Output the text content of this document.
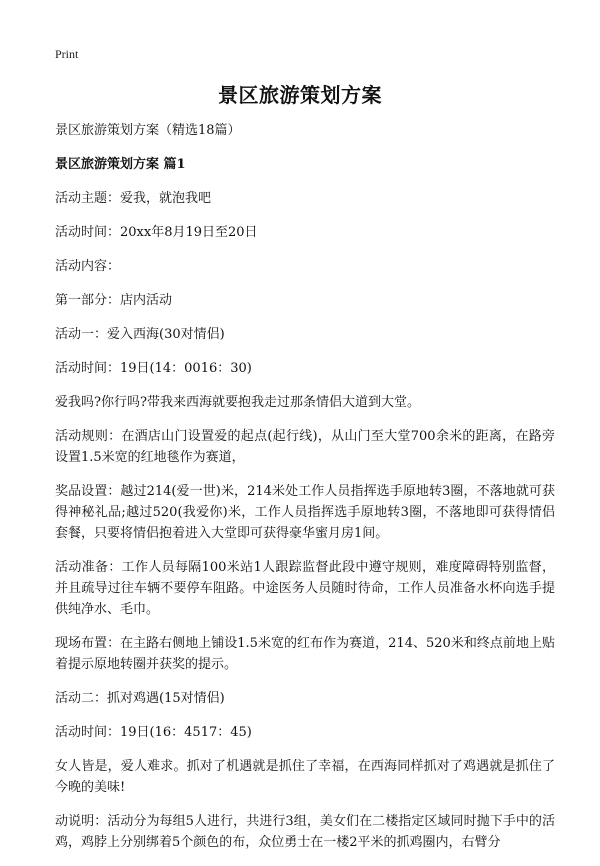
Print
景区旅游策划方案

景区旅游策划方案（精选18篇）

景区旅游策划方案 篇1

活动主题：爱我，就泡我吧

活动时间：20xx年8月19日至20日

活动内容：

第一部分：店内活动

活动一：爱入西海(30对情侣)

活动时间：19日(14：0016：30)

爱我吗?你行吗?带我来西海就要抱我走过那条情侣大道到大堂。

活动规则：在酒店山门设置爱的起点(起行线)，从山门至大堂700余米的距离，在路旁设置1.5米宽的红地毯作为赛道，

奖品设置：越过214(爱一世)米，214米处工作人员指挥选手原地转3圈，不落地就可获得神秘礼品;越过520(我爱你)米，工作人员指挥选手原地转3圈，不落地即可获得情侣套餐，只要将情侣抱着进入大堂即可获得豪华蜜月房1间。

活动准备：工作人员每隔100米站1人跟踪监督此段中遵守规则，难度障碍特别监督，并且疏导过往车辆不要停车阻路。中途医务人员随时待命，工作人员准备水杯向选手提供纯净水、毛巾。

现场布置：在主路右侧地上铺设1.5米宽的红布作为赛道，214、520米和终点前地上贴着提示原地转圈并获奖的提示。

活动二：抓对鸡遇(15对情侣)

活动时间：19日(16：4517：45)

女人皆是，爱人难求。抓对了机遇就是抓住了幸福，在西海同样抓对了鸡遇就是抓住了今晚的美味!

动说明：活动分为每组5人进行，共进行3组，美女们在二楼指定区域同时抛下手中的活鸡，鸡脖上分别绑着5个颜色的布，众位勇士在一楼2平米的抓鸡圈内，右臂分
